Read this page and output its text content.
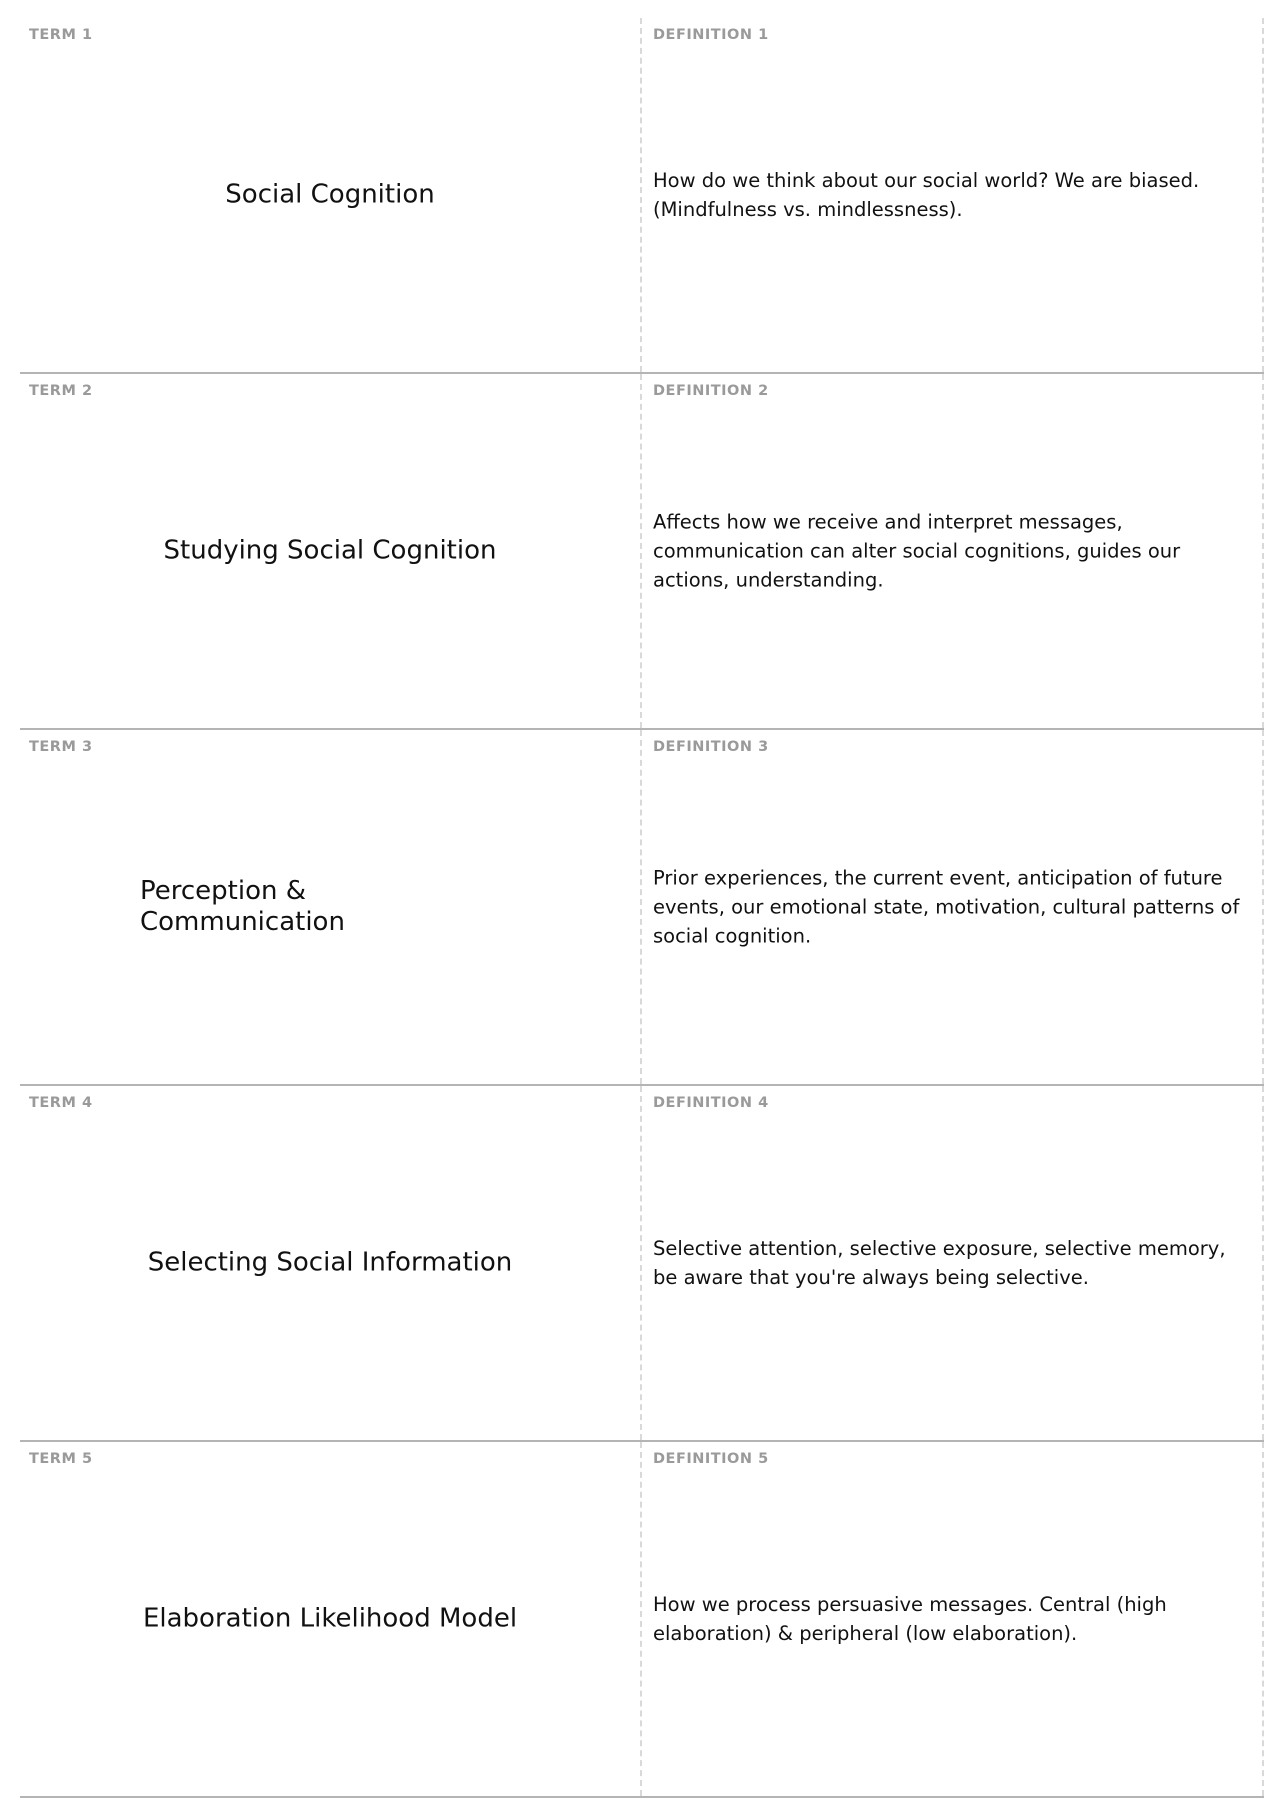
TERM 1
Social Cognition
DEFINITION 1
How do we think about our social world? We are biased. (Mindfulness vs. mindlessness).
TERM 2
Studying Social Cognition
DEFINITION 2
Affects how we receive and interpret messages, communication can alter social cognitions, guides our actions, understanding.
TERM 3
Perception & Communication
DEFINITION 3
Prior experiences, the current event, anticipation of future events, our emotional state, motivation, cultural patterns of social cognition.
TERM 4
Selecting Social Information
DEFINITION 4
Selective attention, selective exposure, selective memory, be aware that you're always being selective.
TERM 5
Elaboration Likelihood Model
DEFINITION 5
How we process persuasive messages. Central (high elaboration) & peripheral (low elaboration).
